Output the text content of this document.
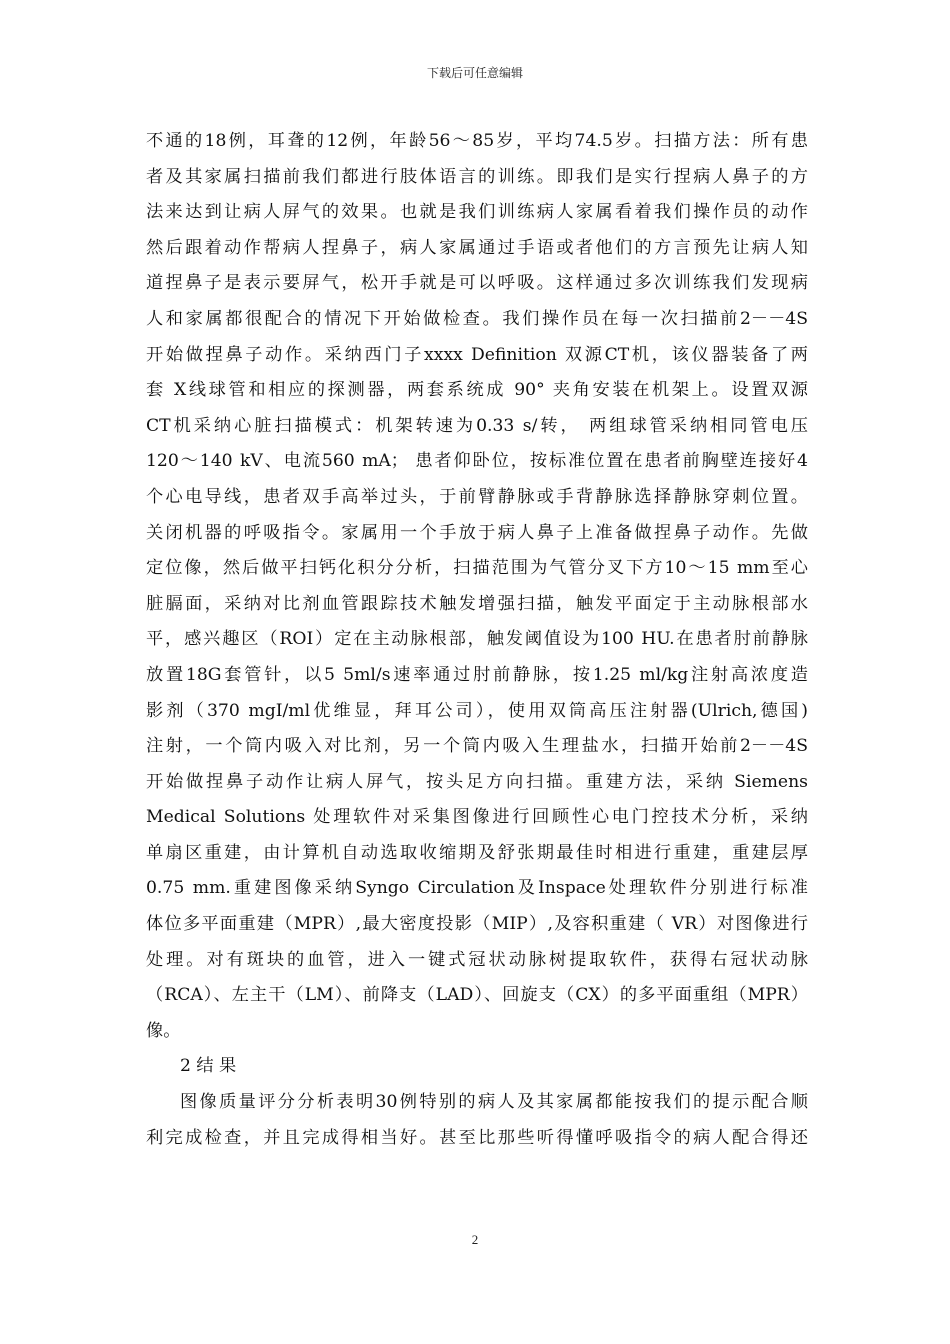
下载后可任意编辑
不通的18例，耳聋的12例，年龄56～85岁，平均74.5岁。扫描方法：所有患
者及其家属扫描前我们都进行肢体语言的训练。即我们是实行捏病人鼻子的方
法来达到让病人屏气的效果。也就是我们训练病人家属看着我们操作员的动作
然后跟着动作帮病人捏鼻子，病人家属通过手语或者他们的方言预先让病人知
道捏鼻子是表示要屏气，松开手就是可以呼吸。这样通过多次训练我们发现病
人和家属都很配合的情况下开始做检查。我们操作员在每一次扫描前2－－4S
开始做捏鼻子动作。采纳西门子xxxx Definition 双源CT机，该仪器装备了两
套 X线球管和相应的探测器，两套系统成 90° 夹角安装在机架上。设置双源
CT机采纳心脏扫描模式：机架转速为0.33 s/转， 两组球管采纳相同管电压
120～140 kV、电流560 mA； 患者仰卧位，按标准位置在患者前胸壁连接好4
个心电导线，患者双手高举过头，于前臂静脉或手背静脉选择静脉穿刺位置。
关闭机器的呼吸指令。家属用一个手放于病人鼻子上准备做捏鼻子动作。先做
定位像，然后做平扫钙化积分分析，扫描范围为气管分叉下方10～15 mm至心
脏膈面，采纳对比剂血管跟踪技术触发增强扫描，触发平面定于主动脉根部水
平，感兴趣区（ROI）定在主动脉根部，触发阈值设为100 HU.在患者肘前静脉
放置18G套管针，以5 5ml/s速率通过肘前静脉，按1.25 ml/kg注射高浓度造
影剂（370 mgI/ml优维显，拜耳公司），使用双筒高压注射器(Ulrich,德国)
注射，一个筒内吸入对比剂，另一个筒内吸入生理盐水，扫描开始前2－－4S
开始做捏鼻子动作让病人屏气，按头足方向扫描。重建方法，采纳 Siemens
Medical Solutions 处理软件对采集图像进行回顾性心电门控技术分析，采纳
单扇区重建，由计算机自动选取收缩期及舒张期最佳时相进行重建，重建层厚
0.75 mm.重建图像采纳Syngo Circulation及Inspace处理软件分别进行标准
体位多平面重建（MPR）,最大密度投影（MIP）,及容积重建（ VR）对图像进行
处理。对有斑块的血管，进入一键式冠状动脉树提取软件，获得右冠状动脉
（RCA）、左主干（LM）、前降支（LAD）、回旋支（CX）的多平面重组（MPR）
像。
2 结 果
图像质量评分分析表明30例特别的病人及其家属都能按我们的提示配合顺
利完成检查，并且完成得相当好。甚至比那些听得懂呼吸指令的病人配合得还
2
